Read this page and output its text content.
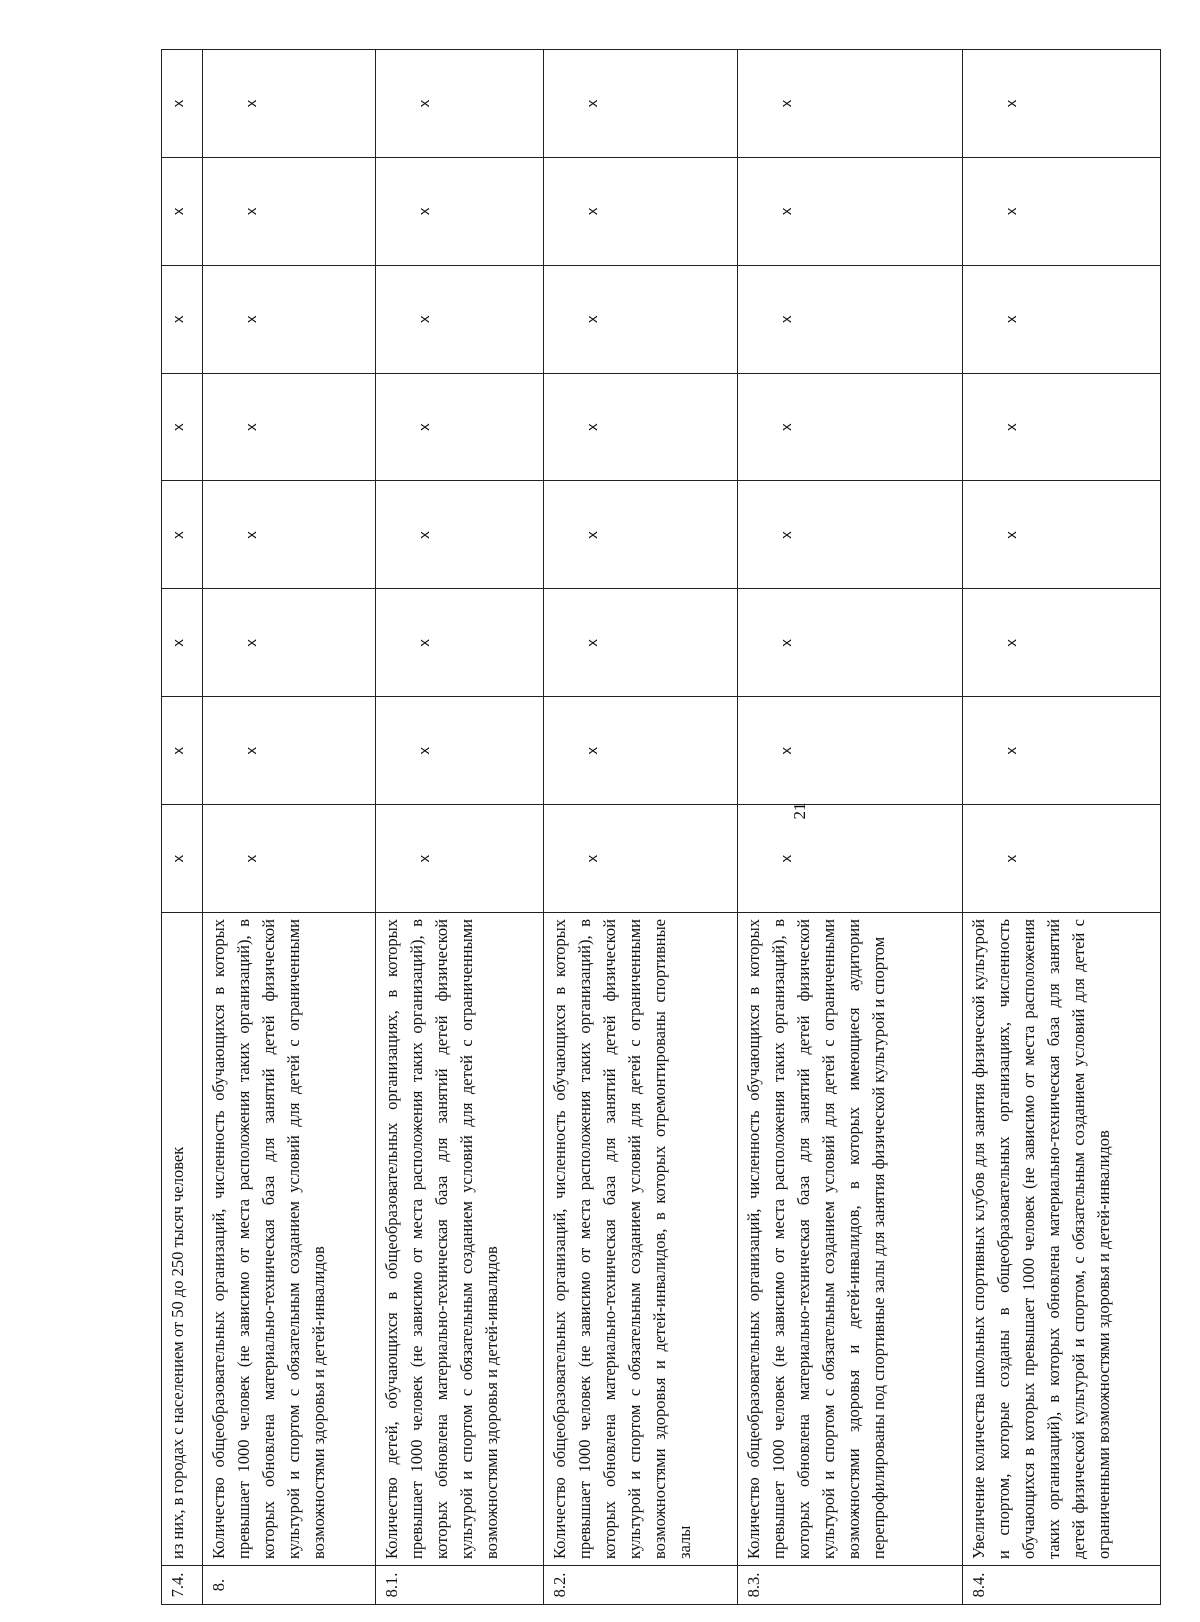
21
7.4.	из них, в городах с населением от 50 до 250 тысяч человек	x	x	x	x	x	x	x	x
8.	Количество общеобразовательных организаций, численность обучающихся в которых превышает 1000 человек (не зависимо от места расположения таких организаций), в которых обновлена материально-техническая база для занятий детей физической культурой и спортом с обязательным созданием условий для детей с ограниченными возможностями здоровья и детей-инвалидов	x	x	x	x	x	x	x	x
8.1.	Количество детей, обучающихся в общеобразовательных организациях, в которых превышает 1000 человек (не зависимо от места расположения таких организаций), в которых обновлена материально-техническая база для занятий детей физической культурой и спортом с обязательным созданием условий для детей с ограниченными возможностями здоровья и детей-инвалидов	x	x	x	x	x	x	x	x
8.2.	Количество общеобразовательных организаций, численность обучающихся в которых превышает 1000 человек (не зависимо от места расположения таких организаций), в которых обновлена материально-техническая база для занятий детей физической культурой и спортом с обязательным созданием условий для детей с ограниченными возможностями здоровья и детей-инвалидов, в которых отремонтированы спортивные залы	x	x	x	x	x	x	x	x
8.3.	Количество общеобразовательных организаций, численность обучающихся в которых превышает 1000 человек (не зависимо от места расположения таких организаций), в которых обновлена материально-техническая база для занятий детей физической культурой и спортом с обязательным созданием условий для детей с ограниченными возможностями здоровья и детей-инвалидов, в которых имеющиеся аудитории перепрофилированы под спортивные залы для занятия физической культурой и спортом	x	x	x	x	x	x	x	x
8.4.	Увеличение количества школьных спортивных клубов для занятия физической культурой и спортом, которые созданы в общеобразовательных организациях, численность обучающихся в которых превышает 1000 человек (не зависимо от места расположения таких организаций), в которых обновлена материально-техническая база для занятий детей физической культурой и спортом, с обязательным созданием условий для детей с ограниченными возможностями здоровья и детей-инвалидов	x	x	x	x	x	x	x	x
